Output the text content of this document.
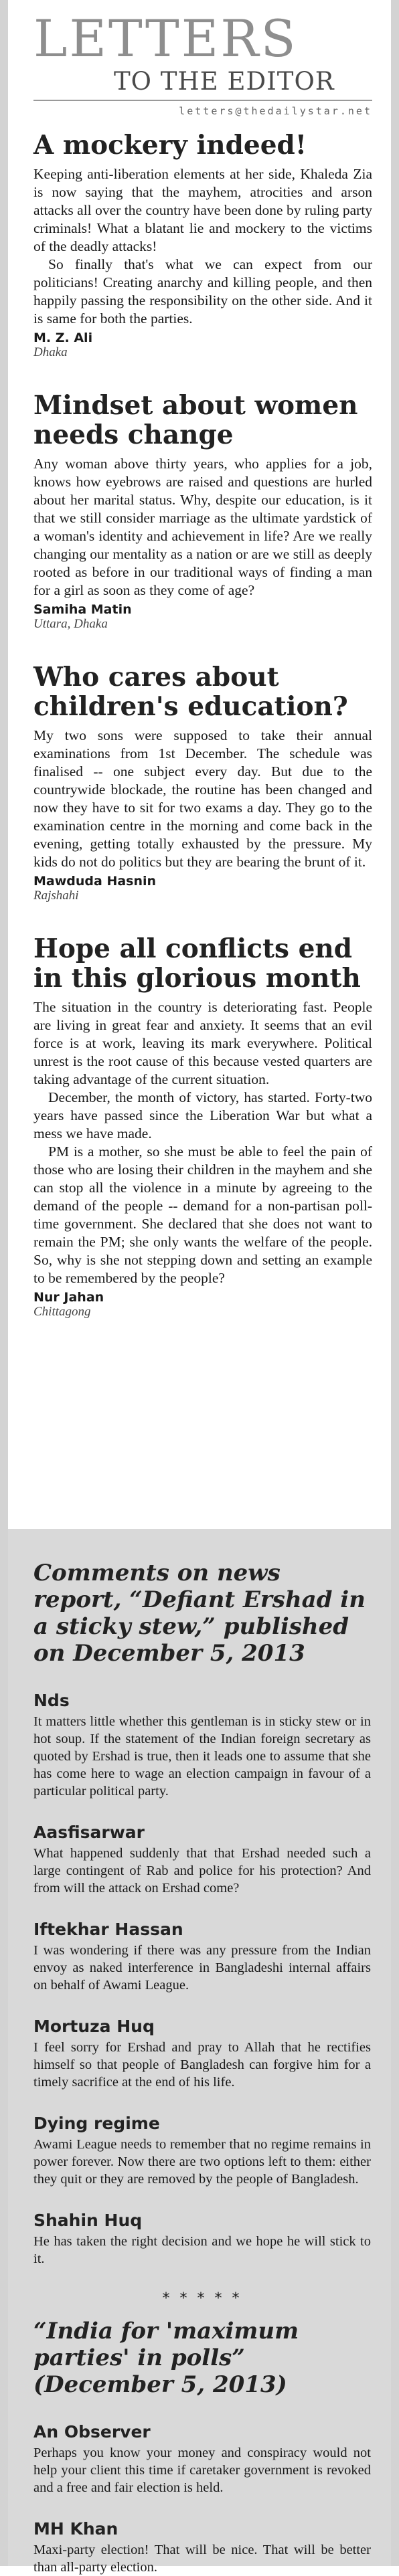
LETTERS
TO THE EDITOR
letters@thedailystar.net
A mockery indeed!

Keeping anti-liberation elements at her side, Khaleda Zia is now saying that the mayhem, atrocities and arson attacks all over the country have been done by ruling party criminals! What a blatant lie and mockery to the victims of the deadly attacks!

So finally that's what we can expect from our politicians! Creating anarchy and killing people, and then happily passing the responsibility on the other side. And it is same for both the parties.

M. Z. Ali
Dhaka
Mindset about women needs change

Any woman above thirty years, who applies for a job, knows how eyebrows are raised and questions are hurled about her marital status. Why, despite our education, is it that we still consider marriage as the ultimate yardstick of a woman's identity and achievement in life? Are we really changing our mentality as a nation or are we still as deeply rooted as before in our traditional ways of finding a man for a girl as soon as they come of age?

Samiha Matin
Uttara, Dhaka
Who cares about children's education?

My two sons were supposed to take their annual examinations from 1st December. The schedule was finalised -- one subject every day. But due to the countrywide blockade, the routine has been changed and now they have to sit for two exams a day. They go to the examination centre in the morning and come back in the evening, getting totally exhausted by the pressure. My kids do not do politics but they are bearing the brunt of it.

Mawduda Hasnin
Rajshahi
Hope all conflicts end in this glorious month

The situation in the country is deteriorating fast. People are living in great fear and anxiety. It seems that an evil force is at work, leaving its mark everywhere. Political unrest is the root cause of this because vested quarters are taking advantage of the current situation.

December, the month of victory, has started. Forty-two years have passed since the Liberation War but what a mess we have made.

PM is a mother, so she must be able to feel the pain of those who are losing their children in the mayhem and she can stop all the violence in a minute by agreeing to the demand of the people -- demand for a non-partisan poll-time government. She declared that she does not want to remain the PM; she only wants the welfare of the people. So, why is she not stepping down and setting an example to be remembered by the people?

Nur Jahan
Chittagong
Comments on news report, “Defiant Ershad in a sticky stew,” published on December 5, 2013
Nds

It matters little whether this gentleman is in sticky stew or in hot soup. If the statement of the Indian foreign secretary as quoted by Ershad is true, then it leads one to assume that she has come here to wage an election campaign in favour of a particular political party.

Aasfisarwar

What happened suddenly that that Ershad needed such a large contingent of Rab and police for his protection? And from will the attack on Ershad come?

Iftekhar Hassan

I was wondering if there was any pressure from the Indian envoy as naked interference in Bangladeshi internal affairs on behalf of Awami League.

Mortuza Huq

I feel sorry for Ershad and pray to Allah that he rectifies himself so that people of Bangladesh can forgive him for a timely sacrifice at the end of his life.

Dying regime

Awami League needs to remember that no regime remains in power forever. Now there are two options left to them: either they quit or they are removed by the people of Bangladesh.

Shahin Huq

He has taken the right decision and we hope he will stick to it.

* * * * *
“India for 'maximum parties' in polls” (December 5, 2013)
An Observer

Perhaps you know your money and conspiracy would not help your client this time if caretaker government is revoked and a free and fair election is held.

MH Khan

Maxi-party election! That will be nice. That will be better than all-party election.
